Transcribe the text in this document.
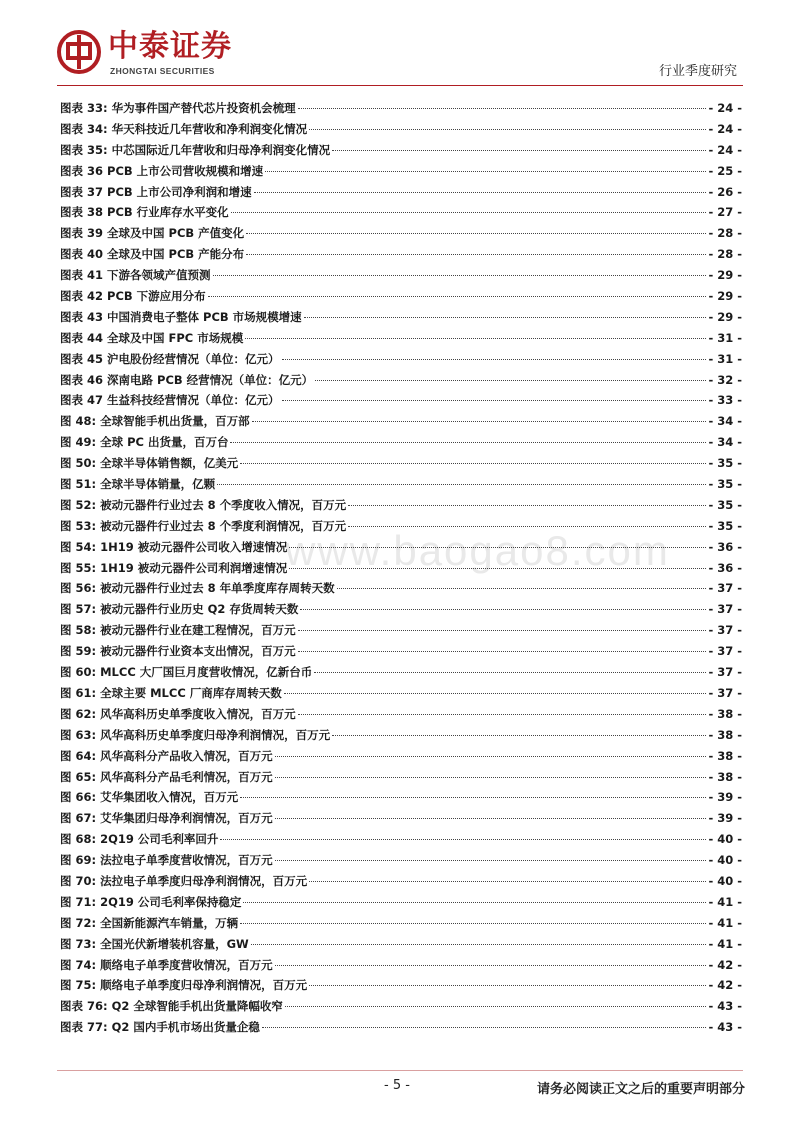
中泰证券
ZHONGTAI SECURITIES	行业季度研究
www.baogao8.com
图表 33: 华为事件国产替代芯片投资机会梳理	- 24 -
图表 34: 华天科技近几年营收和净利润变化情况	- 24 -
图表 35: 中芯国际近几年营收和归母净利润变化情况	- 24 -
图表 36 PCB 上市公司营收规模和增速	- 25 -
图表 37 PCB 上市公司净利润和增速	- 26 -
图表 38 PCB 行业库存水平变化	- 27 -
图表 39 全球及中国 PCB 产值变化	- 28 -
图表 40 全球及中国 PCB 产能分布	- 28 -
图表 41 下游各领域产值预测	- 29 -
图表 42 PCB 下游应用分布	- 29 -
图表 43 中国消费电子整体 PCB 市场规模增速	- 29 -
图表 44 全球及中国 FPC 市场规模	- 31 -
图表 45 沪电股份经营情况（单位：亿元）	- 31 -
图表 46 深南电路 PCB 经营情况（单位：亿元）	- 32 -
图表 47 生益科技经营情况（单位：亿元）	- 33 -
图 48: 全球智能手机出货量，百万部	- 34 -
图 49: 全球 PC 出货量，百万台	- 34 -
图 50: 全球半导体销售额，亿美元	- 35 -
图 51: 全球半导体销量，亿颗	- 35 -
图 52: 被动元器件行业过去 8 个季度收入情况，百万元	- 35 -
图 53: 被动元器件行业过去 8 个季度利润情况，百万元	- 35 -
图 54: 1H19 被动元器件公司收入增速情况	- 36 -
图 55: 1H19 被动元器件公司利润增速情况	- 36 -
图 56: 被动元器件行业过去 8 年单季度库存周转天数	- 37 -
图 57: 被动元器件行业历史 Q2 存货周转天数	- 37 -
图 58: 被动元器件行业在建工程情况，百万元	- 37 -
图 59: 被动元器件行业资本支出情况，百万元	- 37 -
图 60: MLCC 大厂国巨月度营收情况，亿新台币	- 37 -
图 61: 全球主要 MLCC 厂商库存周转天数	- 37 -
图 62: 风华高科历史单季度收入情况，百万元	- 38 -
图 63: 风华高科历史单季度归母净利润情况，百万元	- 38 -
图 64: 风华高科分产品收入情况，百万元	- 38 -
图 65: 风华高科分产品毛利情况，百万元	- 38 -
图 66: 艾华集团收入情况，百万元	- 39 -
图 67: 艾华集团归母净利润情况，百万元	- 39 -
图 68: 2Q19 公司毛利率回升	- 40 -
图 69: 法拉电子单季度营收情况，百万元	- 40 -
图 70: 法拉电子单季度归母净利润情况，百万元	- 40 -
图 71: 2Q19 公司毛利率保持稳定	- 41 -
图 72: 全国新能源汽车销量，万辆	- 41 -
图 73: 全国光伏新增装机容量，GW	- 41 -
图 74: 顺络电子单季度营收情况，百万元	- 42 -
图 75: 顺络电子单季度归母净利润情况，百万元	- 42 -
图表 76: Q2 全球智能手机出货量降幅收窄	- 43 -
图表 77: Q2 国内手机市场出货量企稳	- 43 -
- 5 -	请务必阅读正文之后的重要声明部分
